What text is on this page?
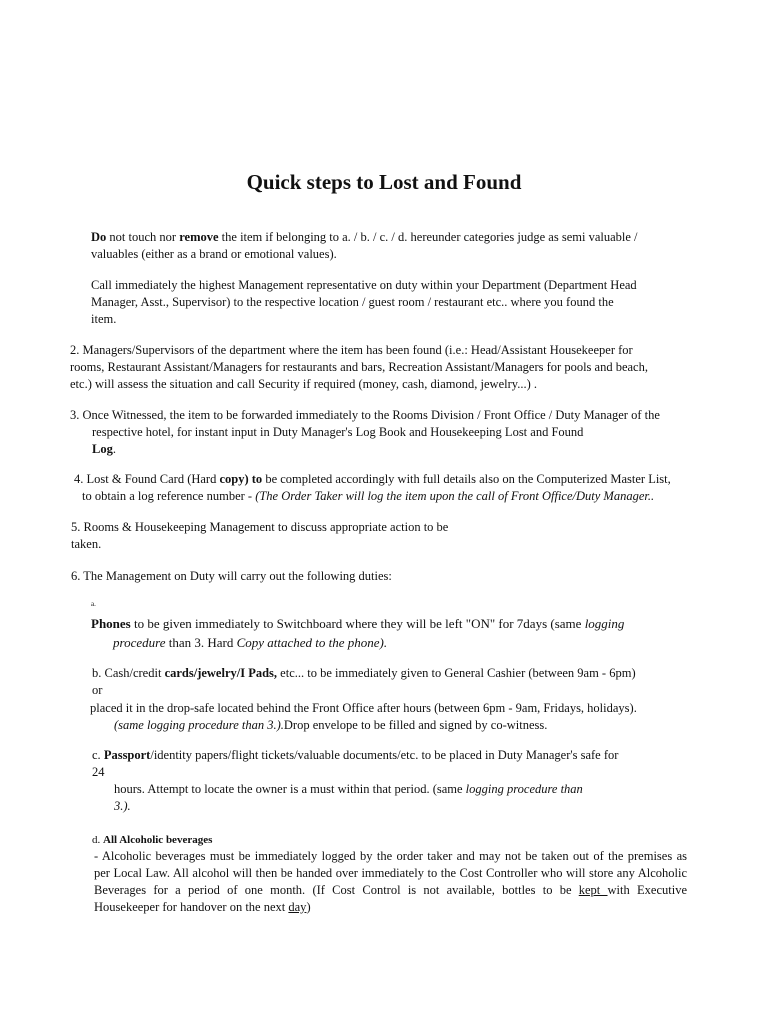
Quick steps to Lost and Found
Do not touch nor remove the item if belonging to a. / b. / c. / d. hereunder categories judge as semi valuable /
valuables (either as a brand or emotional values).
Call immediately the highest Management representative on duty within your Department (Department Head
Manager, Asst., Supervisor) to the respective location / guest room / restaurant etc.. where you found the
item.
2. Managers/Supervisors of the department where the item has been found (i.e.: Head/Assistant Housekeeper for
rooms, Restaurant Assistant/Managers for restaurants and bars, Recreation Assistant/Managers for pools and beach,
etc.) will assess the situation and call Security if required (money, cash, diamond, jewelry...) .
3. Once Witnessed, the item to be forwarded immediately to the Rooms Division / Front Office / Duty Manager of the
respective hotel, for instant input in Duty Manager's Log Book and Housekeeping Lost and Found
Log.
4. Lost & Found Card (Hard copy) to be completed accordingly with full details also on the Computerized Master List,
to obtain a log reference number - (The Order Taker will log the item upon the call of Front Office/Duty Manager..
5. Rooms & Housekeeping Management to discuss appropriate action to be
taken.
6. The Management on Duty will carry out the following duties:
a.
Phones to be given immediately to Switchboard where they will be left "ON" for 7days (same logging
procedure than 3. Hard Copy attached to the phone).
b. Cash/credit cards/jewelry/I Pads, etc... to be immediately given to General Cashier (between 9am - 6pm)
or
placed it in the drop-safe located behind the Front Office after hours (between 6pm - 9am, Fridays, holidays).
(same logging procedure than 3.).Drop envelope to be filled and signed by co-witness.
c. Passport/identity papers/flight tickets/valuable documents/etc. to be placed in Duty Manager's safe for
24
hours. Attempt to locate the owner is a must within that period. (same logging procedure than
3.).
d. All Alcoholic beverages
- Alcoholic beverages must be immediately logged by the order taker and may not be taken out of the premises as
per Local Law. All alcohol will then be handed over immediately to the Cost Controller who will store any Alcoholic
Beverages for a period of one month. (If Cost Control is not available, bottles to be kept with Executive
Housekeeper for handover on the next day)
